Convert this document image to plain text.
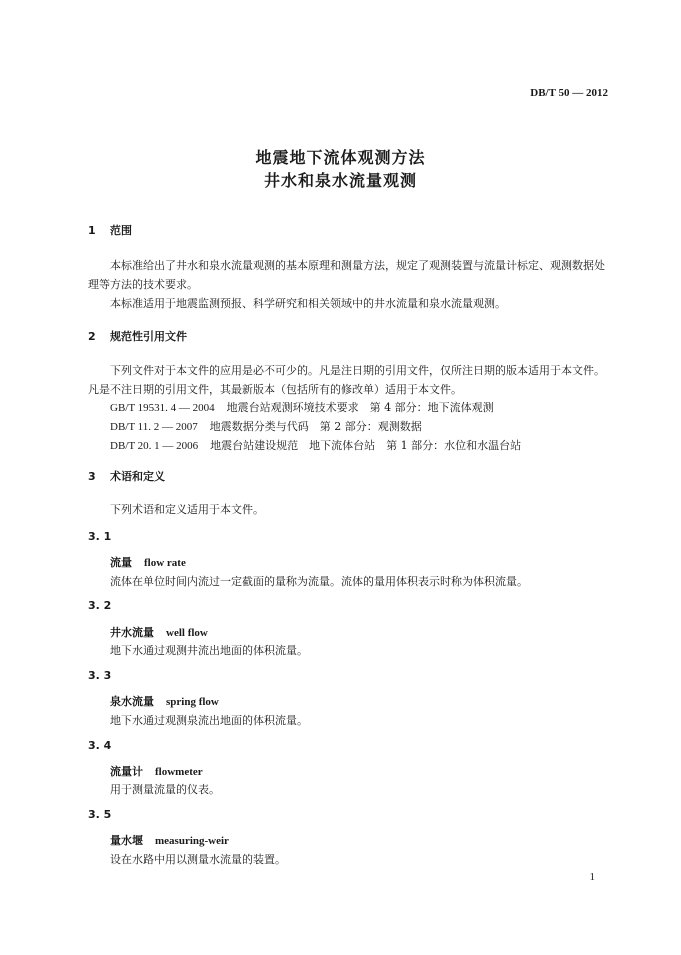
DB/T 50 — 2012
地震地下流体观测方法
井水和泉水流量观测
1 范围
本标准给出了井水和泉水流量观测的基本原理和测量方法，规定了观测装置与流量计标定、观测数据处理等方法的技术要求。
本标准适用于地震监测预报、科学研究和相关领域中的井水流量和泉水流量观测。
2 规范性引用文件
下列文件对于本文件的应用是必不可少的。凡是注日期的引用文件，仅所注日期的版本适用于本文件。凡是不注日期的引用文件，其最新版本（包括所有的修改单）适用于本文件。
GB/T 19531. 4 — 2004 地震台站观测环境技术要求　第 4 部分：地下流体观测
DB/T 11. 2 — 2007 地震数据分类与代码　第 2 部分：观测数据
DB/T 20. 1 — 2006 地震台站建设规范　地下流体台站　第 1 部分：水位和水温台站
3 术语和定义
下列术语和定义适用于本文件。
3. 1
流量 flow rate
流体在单位时间内流过一定截面的量称为流量。流体的量用体积表示时称为体积流量。
3. 2
井水流量 well flow
地下水通过观测井流出地面的体积流量。
3. 3
泉水流量 spring flow
地下水通过观测泉流出地面的体积流量。
3. 4
流量计 flowmeter
用于测量流量的仪表。
3. 5
量水堰 measuring-weir
设在水路中用以测量水流量的装置。
1
